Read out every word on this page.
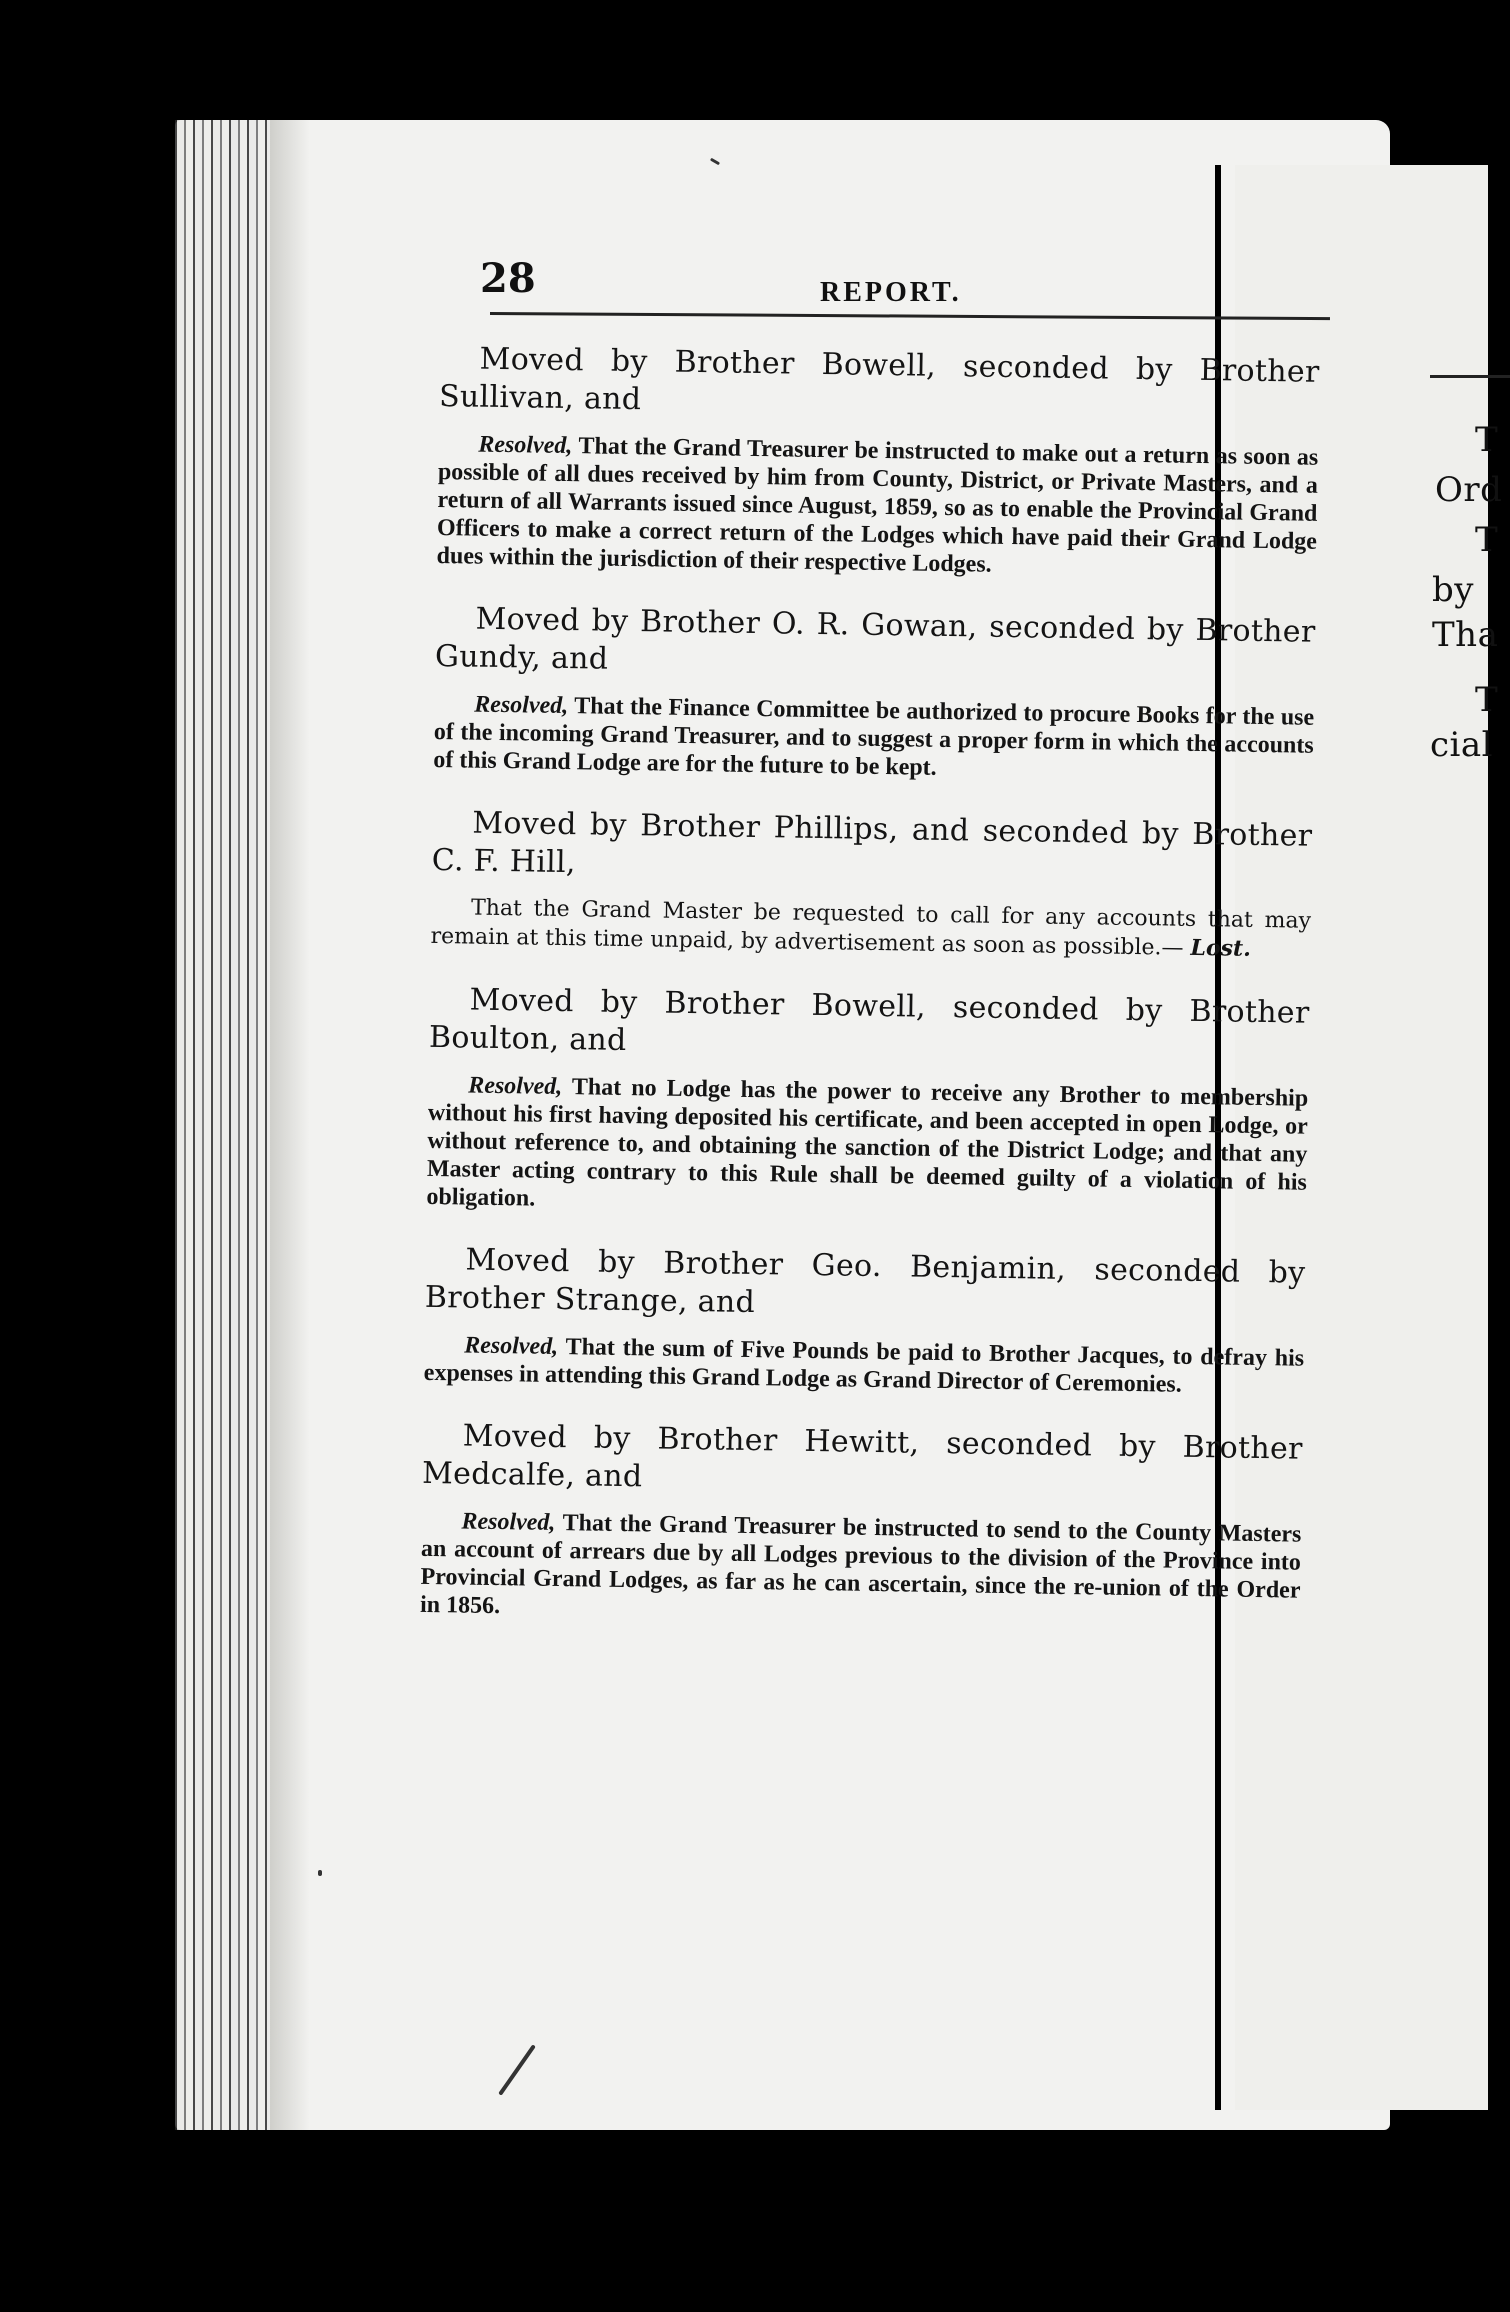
T
Ord
T
by
Tha
T
cial
28	REPORT.

Moved by Brother Bowell, seconded by Brother Sullivan, and

Resolved, That the Grand Treasurer be instructed to make out a return as soon as possible of all dues received by him from County, District, or Private Masters, and a return of all Warrants issued since August, 1859, so as to enable the Provincial Grand Officers to make a correct return of the Lodges which have paid their Grand Lodge dues within the jurisdiction of their respective Lodges.

Moved by Brother O. R. Gowan, seconded by Brother Gundy, and

Resolved, That the Finance Committee be authorized to procure Books for the use of the incoming Grand Treasurer, and to suggest a proper form in which the accounts of this Grand Lodge are for the future to be kept.

Moved by Brother Phillips, and seconded by Brother C. F. Hill,

That the Grand Master be requested to call for any accounts that may remain at this time unpaid, by advertisement as soon as possible.— Lost.

Moved by Brother Bowell, seconded by Brother Boulton, and

Resolved, That no Lodge has the power to receive any Brother to membership without his first having deposited his certificate, and been accepted in open Lodge, or without reference to, and obtaining the sanction of the District Lodge; and that any Master acting contrary to this Rule shall be deemed guilty of a violation of his obligation.

Moved by Brother Geo. Benjamin, seconded by Brother Strange, and

Resolved, That the sum of Five Pounds be paid to Brother Jacques, to defray his expenses in attending this Grand Lodge as Grand Director of Ceremonies.

Moved by Brother Hewitt, seconded by Brother Medcalfe, and

Resolved, That the Grand Treasurer be instructed to send to the County Masters an account of arrears due by all Lodges previous to the division of the Province into Provincial Grand Lodges, as far as he can ascertain, since the re-union of the Order in 1856.
